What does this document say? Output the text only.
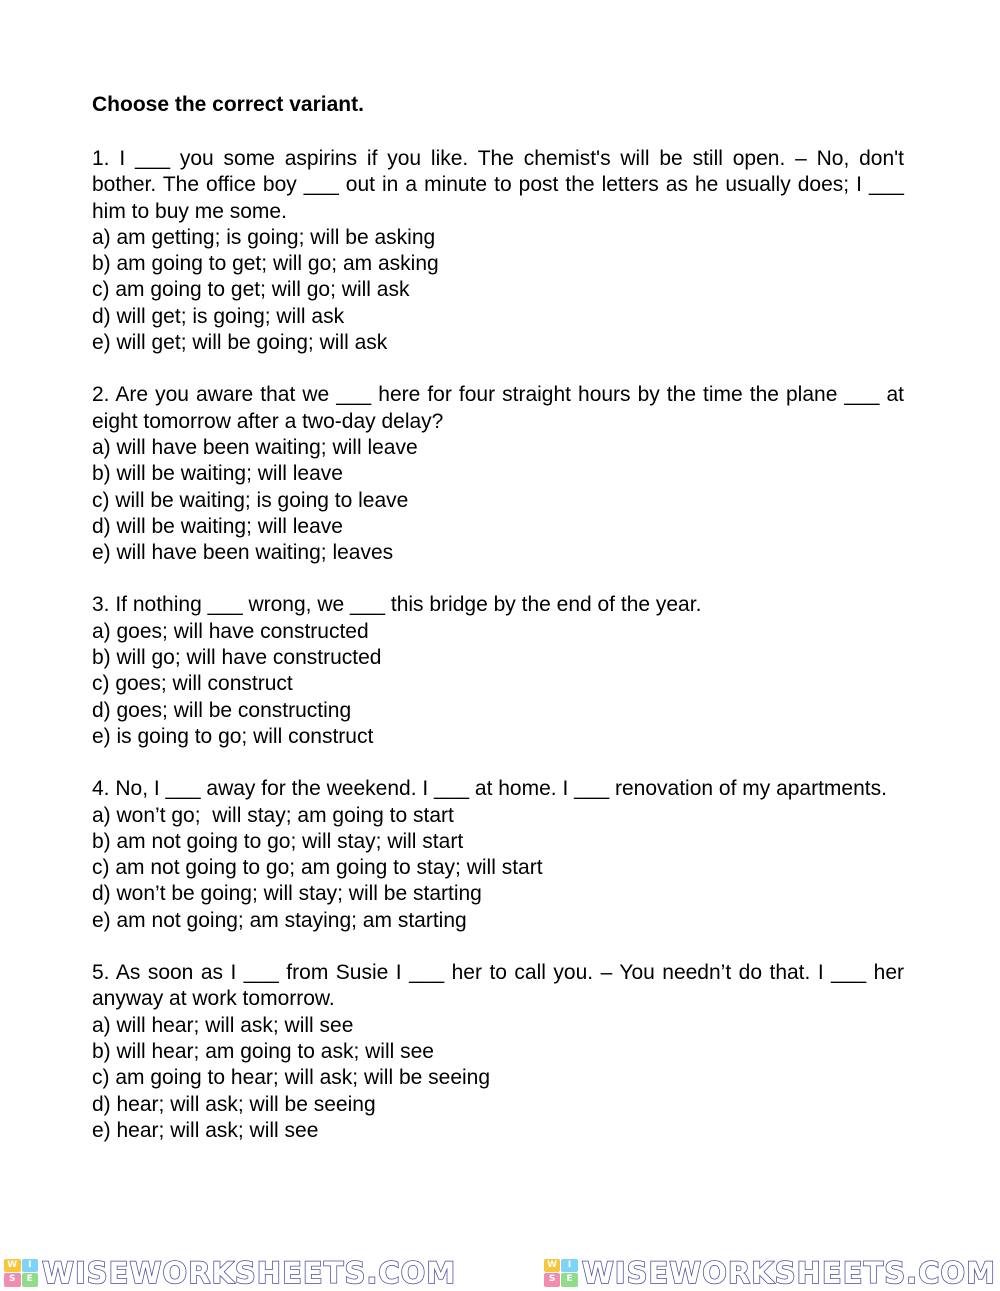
Choose the correct variant.

1. I ___ you some aspirins if you like. The chemist's will be still open. – No, don't bother. The office boy ___ out in a minute to post the letters as he usually does; I ___ him to buy me some.

a) am getting; is going; will be asking

b) am going to get; will go; am asking

c) am going to get; will go; will ask

d) will get; is going; will ask

e) will get; will be going; will ask

2. Are you aware that we ___ here for four straight hours by the time the plane ___ at eight tomorrow after a two-day delay?

a) will have been waiting; will leave

b) will be waiting; will leave

c) will be waiting; is going to leave

d) will be waiting; will leave

e) will have been waiting; leaves

3. If nothing ___ wrong, we ___ this bridge by the end of the year.

a) goes; will have constructed

b) will go; will have constructed

c) goes; will construct

d) goes; will be constructing

e) is going to go; will construct

4. No, I ___ away for the weekend. I ___ at home. I ___ renovation of my apartments.

a) won’t go;  will stay; am going to start

b) am not going to go; will stay; will start

c) am not going to go; am going to stay; will start

d) won’t be going; will stay; will be starting

e) am not going; am staying; am starting

5. As soon as I ___ from Susie I ___ her to call you. – You needn’t do that. I ___ her anyway at work tomorrow.

a) will hear; will ask; will see

b) will hear; am going to ask; will see

c) am going to hear; will ask; will be seeing

d) hear; will ask; will be seeing

e) hear; will ask; will see

W	I
S	E WISEWORKSHEETS.COM	W	I
S	E WISEWORKSHEETS.COM
